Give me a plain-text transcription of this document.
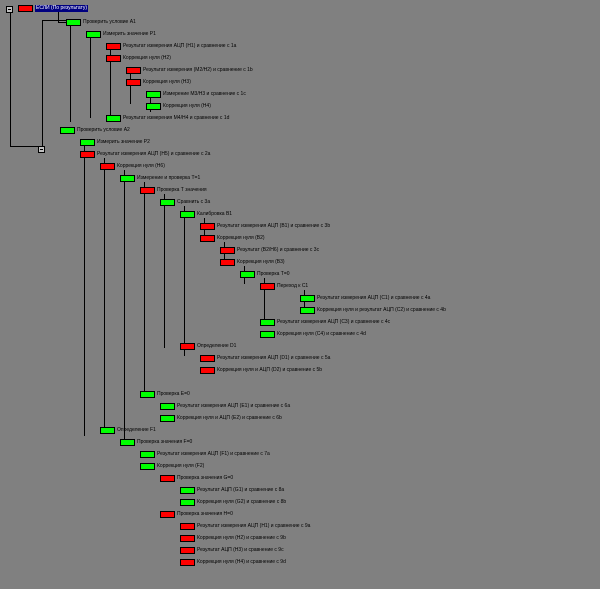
ЕСЛИ (По результату)
Проверить условие А1
Измерить значение P1
Результат измерения АЦП (Н1) и сравнение с 1а
Коррекция нуля (Н2)
Результат измерения (М2/Н2) и сравнение с 1b
Коррекция нуля (Н3)
Измерение М3/Н3 и сравнение с 1с
Коррекция нуля (Н4)
Результат измерения М4/Н4 и сравнение с 1d
Проверить условие А2
Измерить значение P2
Результат измерения АЦП (Н5) и сравнение с 2а
Коррекция нуля (Н6)
Измерение и проверка Т=1
Проверка Т значения
Сравнить с 3а
Калибровка В1
Результат измерения АЦП (В1) и сравнение с 3b
Коррекция нуля (В2)
Результат (В2/Н6) и сравнение с 3с
Коррекция нуля (В3)
Проверка Т=0
Переход к С1
Результат измерения АЦП (С1) и сравнение с 4а
Коррекция нуля и результат АЦП (С2) и сравнение с 4b
Результат измерения АЦП (С3) и сравнение с 4с
Коррекция нуля (С4) и сравнение с 4d
Определение D1
Результат измерения АЦП (D1) и сравнение с 5а
Коррекция нуля и АЦП (D2) и сравнение с 5b
Проверка Е=0
Результат измерения АЦП (Е1) и сравнение с 6а
Коррекция нуля и АЦП (Е2) и сравнение с 6b
Определение F1
Проверка значения F=0
Результат измерения АЦП (F1) и сравнение с 7а
Коррекция нуля (F2)
Проверка значения G=0
Результат АЦП (G1) и сравнение с 8а
Коррекция нуля (G2) и сравнение с 8b
Проверка значения Н=0
Результат измерения АЦП (Н1) и сравнение с 9а
Коррекция нуля (Н2) и сравнение с 9b
Результат АЦП (Н3) и сравнение с 9с
Коррекция нуля (Н4) и сравнение с 9d
